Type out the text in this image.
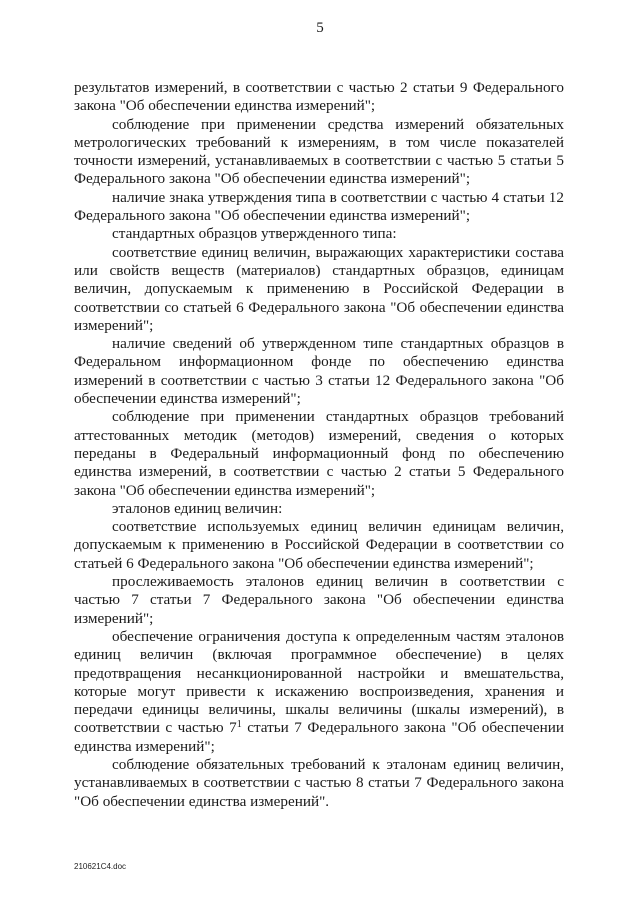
5

результатов измерений, в соответствии с частью 2 статьи 9 Федерального закона "Об обеспечении единства измерений";

соблюдение при применении средства измерений обязательных метрологических требований к измерениям, в том числе показателей точности измерений, устанавливаемых в соответствии с частью 5 статьи 5 Федерального закона "Об обеспечении единства измерений";

наличие знака утверждения типа в соответствии с частью 4 статьи 12 Федерального закона "Об обеспечении единства измерений";

стандартных образцов утвержденного типа:

соответствие единиц величин, выражающих характеристики состава или свойств веществ (материалов) стандартных образцов, единицам величин, допускаемым к применению в Российской Федерации в соответствии со статьей 6 Федерального закона "Об обеспечении единства измерений";

наличие сведений об утвержденном типе стандартных образцов в Федеральном информационном фонде по обеспечению единства измерений в соответствии с частью 3 статьи 12 Федерального закона "Об обеспечении единства измерений";

соблюдение при применении стандартных образцов требований аттестованных методик (методов) измерений, сведения о которых переданы в Федеральный информационный фонд по обеспечению единства измерений, в соответствии с частью 2 статьи 5 Федерального закона "Об обеспечении единства измерений";

эталонов единиц величин:

соответствие используемых единиц величин единицам величин, допускаемым к применению в Российской Федерации в соответствии со статьей 6 Федерального закона "Об обеспечении единства измерений";

прослеживаемость эталонов единиц величин в соответствии с частью 7 статьи 7 Федерального закона "Об обеспечении единства измерений";

обеспечение ограничения доступа к определенным частям эталонов единиц величин (включая программное обеспечение) в целях предотвращения несанкционированной настройки и вмешательства, которые могут привести к искажению воспроизведения, хранения и передачи единицы величины, шкалы величины (шкалы измерений), в соответствии с частью $7^1$ статьи 7 Федерального закона "Об обеспечении единства измерений";

соблюдение обязательных требований к эталонам единиц величин, устанавливаемых в соответствии с частью 8 статьи 7 Федерального закона "Об обеспечении единства измерений".

210621C4.doc
